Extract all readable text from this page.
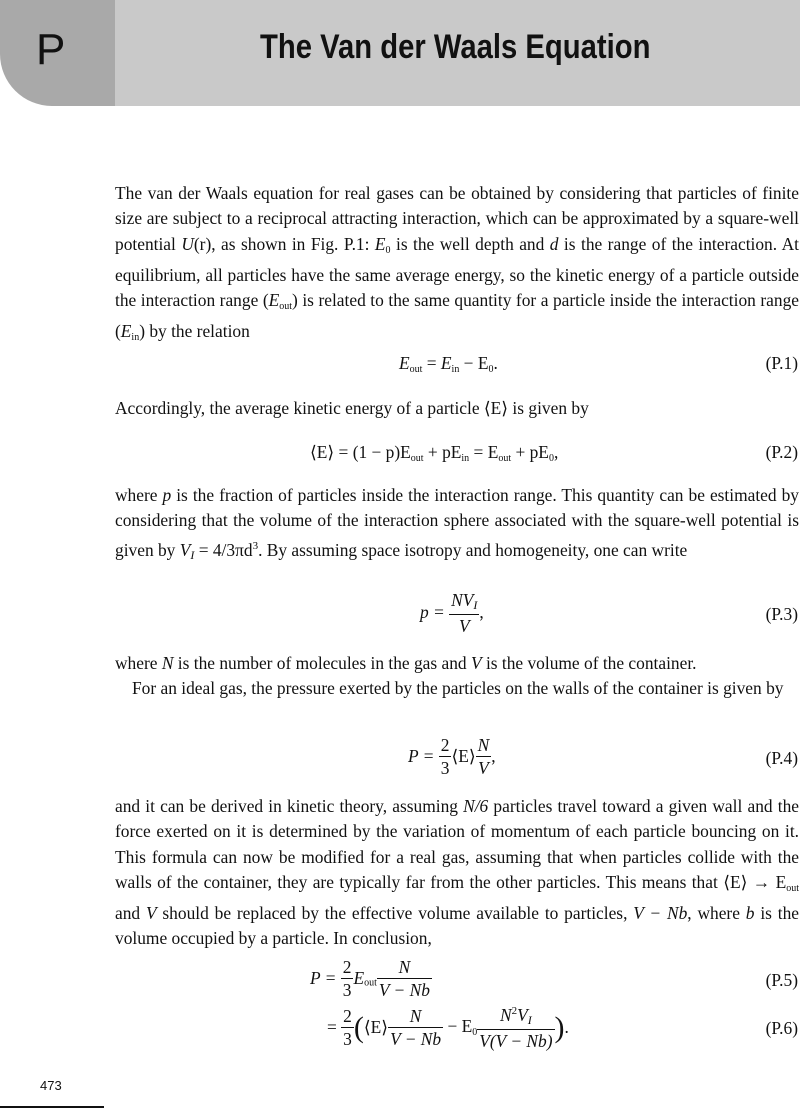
P	The Van der Waals Equation

The van der Waals equation for real gases can be obtained by considering that particles of finite size are subject to a reciprocal attracting interaction, which can be approximated by a square-well potential U(r), as shown in Fig. P.1: $E_0$ is the well depth and d is the range of the interaction. At equilibrium, all particles have the same average energy, so the kinetic energy of a particle outside the interaction range $(E_{out})$ is related to the same quantity for a particle inside the interaction range $(E_{in})$ by the relation

$E_{out} = E_{in} - E_0$.	(P.1)

Accordingly, the average kinetic energy of a particle ⟨E⟩ is given by

⟨E⟩ = $(1 - p)E_{out} + pE_{in} = E_{out} + pE_0$,	(P.2)

where p is the fraction of particles inside the interaction range. This quantity can be estimated by considering that the volume of the interaction sphere associated with the square-well potential is given by VI = $4/3\pi d^3$. By assuming space isotropy and homogeneity, one can write

$p = \frac{\text{NVI}}{V}$ ,	(P.3)

where N is the number of molecules in the gas and V is the volume of the container.

For an ideal gas, the pressure exerted by the particles on the walls of the container is given by

$P = \frac{2}{3}$ ⟨E⟩ $\frac{N}{V}$ ,	(P.4)

and it can be derived in kinetic theory, assuming N/6 particles travel toward a given wall and the force exerted on it is determined by the variation of momentum of each particle bouncing on it. This formula can now be modified for a real gas, assuming that when particles collide with the walls of the container, they are typically far from the other particles. This means that ⟨E⟩ → $E_{out}$ and V should be replaced by the effective volume available to particles, V − Nb, where b is the volume occupied by a particle. In conclusion,

$P = \frac{2}{3} E_{out} \frac{N}{V - Nb}$	(P.5)
= $\frac{2}{3}$ (⟨E⟩ $\frac{N}{V - Nb} - E_0 \frac{N^2VI}{V(V - Nb)}$ ).	(P.6)
473
